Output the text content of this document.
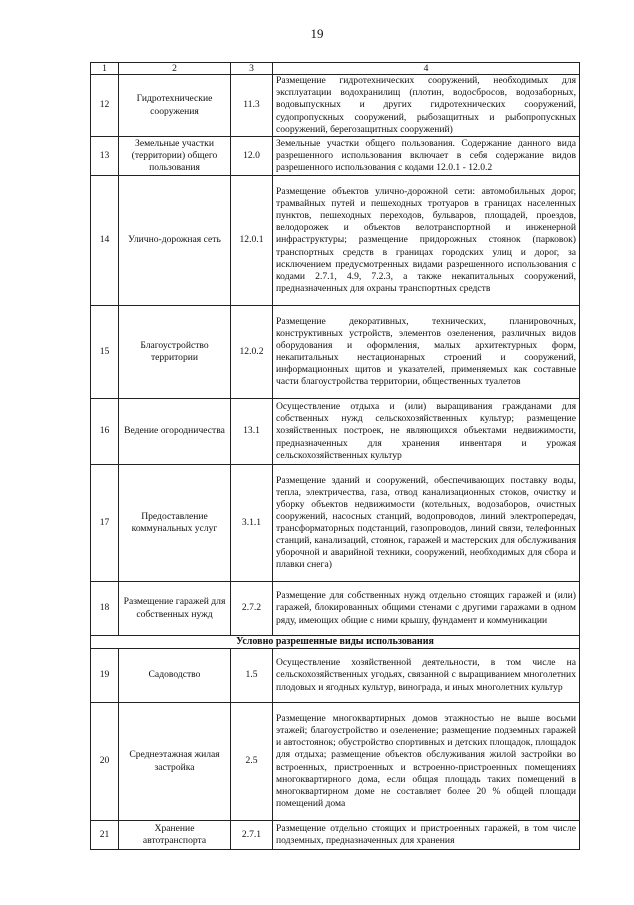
19
1	2	3	4
12	Гидротехнические сооружения	11.3	Размещение гидротехнических сооружений, необходимых для эксплуатации водохранилищ (плотин, водосбросов, водозаборных, водовыпускных и других гидротехнических сооружений, судопропускных сооружений, рыбозащитных и рыбопропускных сооружений, берегозащитных сооружений)
13	Земельные участки (территории) общего пользования	12.0	Земельные участки общего пользования. Содержание данного вида разрешенного использования включает в себя содержание видов разрешенного использования с кодами 12.0.1 - 12.0.2
14	Улично-дорожная сеть	12.0.1	Размещение объектов улично-дорожной сети: автомобильных дорог, трамвайных путей и пешеходных тротуаров в границах населенных пунктов, пешеходных переходов, бульваров, площадей, проездов, велодорожек и объектов велотранспортной и инженерной инфраструктуры; размещение придорожных стоянок (парковок) транспортных средств в границах городских улиц и дорог, за исключением предусмотренных видами разрешенного использования с кодами 2.7.1, 4.9, 7.2.3, а также некапитальных сооружений, предназначенных для охраны транспортных средств
15	Благоустройство территории	12.0.2	Размещение декоративных, технических, планировочных, конструктивных устройств, элементов озеленения, различных видов оборудования и оформления, малых архитектурных форм, некапитальных нестационарных строений и сооружений, информационных щитов и указателей, применяемых как составные части благоустройства территории, общественных туалетов
16	Ведение огородничества	13.1	Осуществление отдыха и (или) выращивания гражданами для собственных нужд сельскохозяйственных культур; размещение хозяйственных построек, не являющихся объектами недвижимости, предназначенных для хранения инвентаря и урожая сельскохозяйственных культур
17	Предоставление коммунальных услуг	3.1.1	Размещение зданий и сооружений, обеспечивающих поставку воды, тепла, электричества, газа, отвод канализационных стоков, очистку и уборку объектов недвижимости (котельных, водозаборов, очистных сооружений, насосных станций, водопроводов, линий электропередач, трансформаторных подстанций, газопроводов, линий связи, телефонных станций, канализаций, стоянок, гаражей и мастерских для обслуживания уборочной и аварийной техники, сооружений, необходимых для сбора и плавки снега)
18	Размещение гаражей для собственных нужд	2.7.2	Размещение для собственных нужд отдельно стоящих гаражей и (или) гаражей, блокированных общими стенами с другими гаражами в одном ряду, имеющих общие с ними крышу, фундамент и коммуникации
Условно разрешенные виды использования			
19	Садоводство	1.5	Осуществление хозяйственной деятельности, в том числе на сельскохозяйственных угодьях, связанной с выращиванием многолетних плодовых и ягодных культур, винограда, и иных многолетних культур
20	Среднеэтажная жилая застройка	2.5	Размещение многоквартирных домов этажностью не выше восьми этажей; благоустройство и озеленение; размещение подземных гаражей и автостоянок; обустройство спортивных и детских площадок, площадок для отдыха; размещение объектов обслуживания жилой застройки во встроенных, пристроенных и встроенно-пристроенных помещениях многоквартирного дома, если общая площадь таких помещений в многоквартирном доме не составляет более 20 % общей площади помещений дома
21	Хранение автотранспорта	2.7.1	Размещение отдельно стоящих и пристроенных гаражей, в том числе подземных, предназначенных для хранения
